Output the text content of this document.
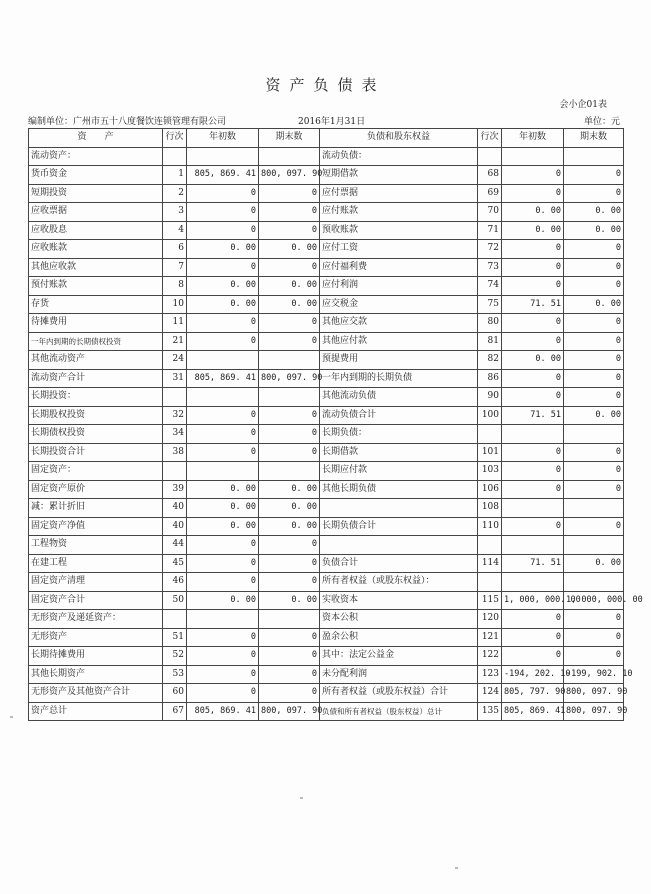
资产负债表
会小企01表
编制单位：广州市五十八度餐饮连锁管理有限公司	2016年1月31日	单位：元
资　　产	行次	年初数	期末数	负债和股东权益	行次	年初数	期末数
流动资产：				流动负债：			
货币资金	1	805, 869. 41	800, 097. 90	短期借款	68	0	0
短期投资	2	0	0	应付票据	69	0	0
应收票据	3	0	0	应付账款	70	0. 00	0. 00
应收股息	4	0	0	预收账款	71	0. 00	0. 00
应收账款	6	0. 00	0. 00	应付工资	72	0	0
其他应收款	7	0	0	应付福利费	73	0	0
预付账款	8	0. 00	0. 00	应付利润	74	0	0
存货	10	0. 00	0. 00	应交税金	75	71. 51	0. 00
待摊费用	11	0	0	其他应交款	80	0	0
一年内到期的长期债权投资	21	0	0	其他应付款	81	0	0
其他流动资产	24			预提费用	82	0. 00	0
流动资产合计	31	805, 869. 41	800, 097. 90	一年内到期的长期负债	86	0	0
长期投资：				其他流动负债	90	0	0
长期股权投资	32	0	0	流动负债合计	100	71. 51	0. 00
长期债权投资	34	0	0	长期负债：			
长期投资合计	38	0	0	长期借款	101	0	0
固定资产：				长期应付款	103	0	0
固定资产原价	39	0. 00	0. 00	其他长期负债	106	0	0
减：累计折旧	40	0. 00	0. 00		108		
固定资产净值	40	0. 00	0. 00	长期负债合计	110	0	0
工程物资	44	0	0				
在建工程	45	0	0	负债合计	114	71. 51	0. 00
固定资产清理	46	0	0	所有者权益（或股东权益）：			
固定资产合计	50	0. 00	0. 00	实收资本	115	1, 000, 000. 00	1, 000, 000. 00
无形资产及递延资产：				资本公积	120	0	0
无形资产	51	0	0	盈余公积	121	0	0
长期待摊费用	52	0	0	其中：法定公益金	122	0	0
其他长期资产	53	0	0	未分配利润	123	-194, 202. 10	-199, 902. 10
无形资产及其他资产合计	60	0	0	所有者权益（或股东权益）合计	124	805, 797. 90	800, 097. 90
资产总计	67	805, 869. 41	800, 097. 90	负债和所有者权益（股东权益）总计	135	805, 869. 41	800, 097. 90
